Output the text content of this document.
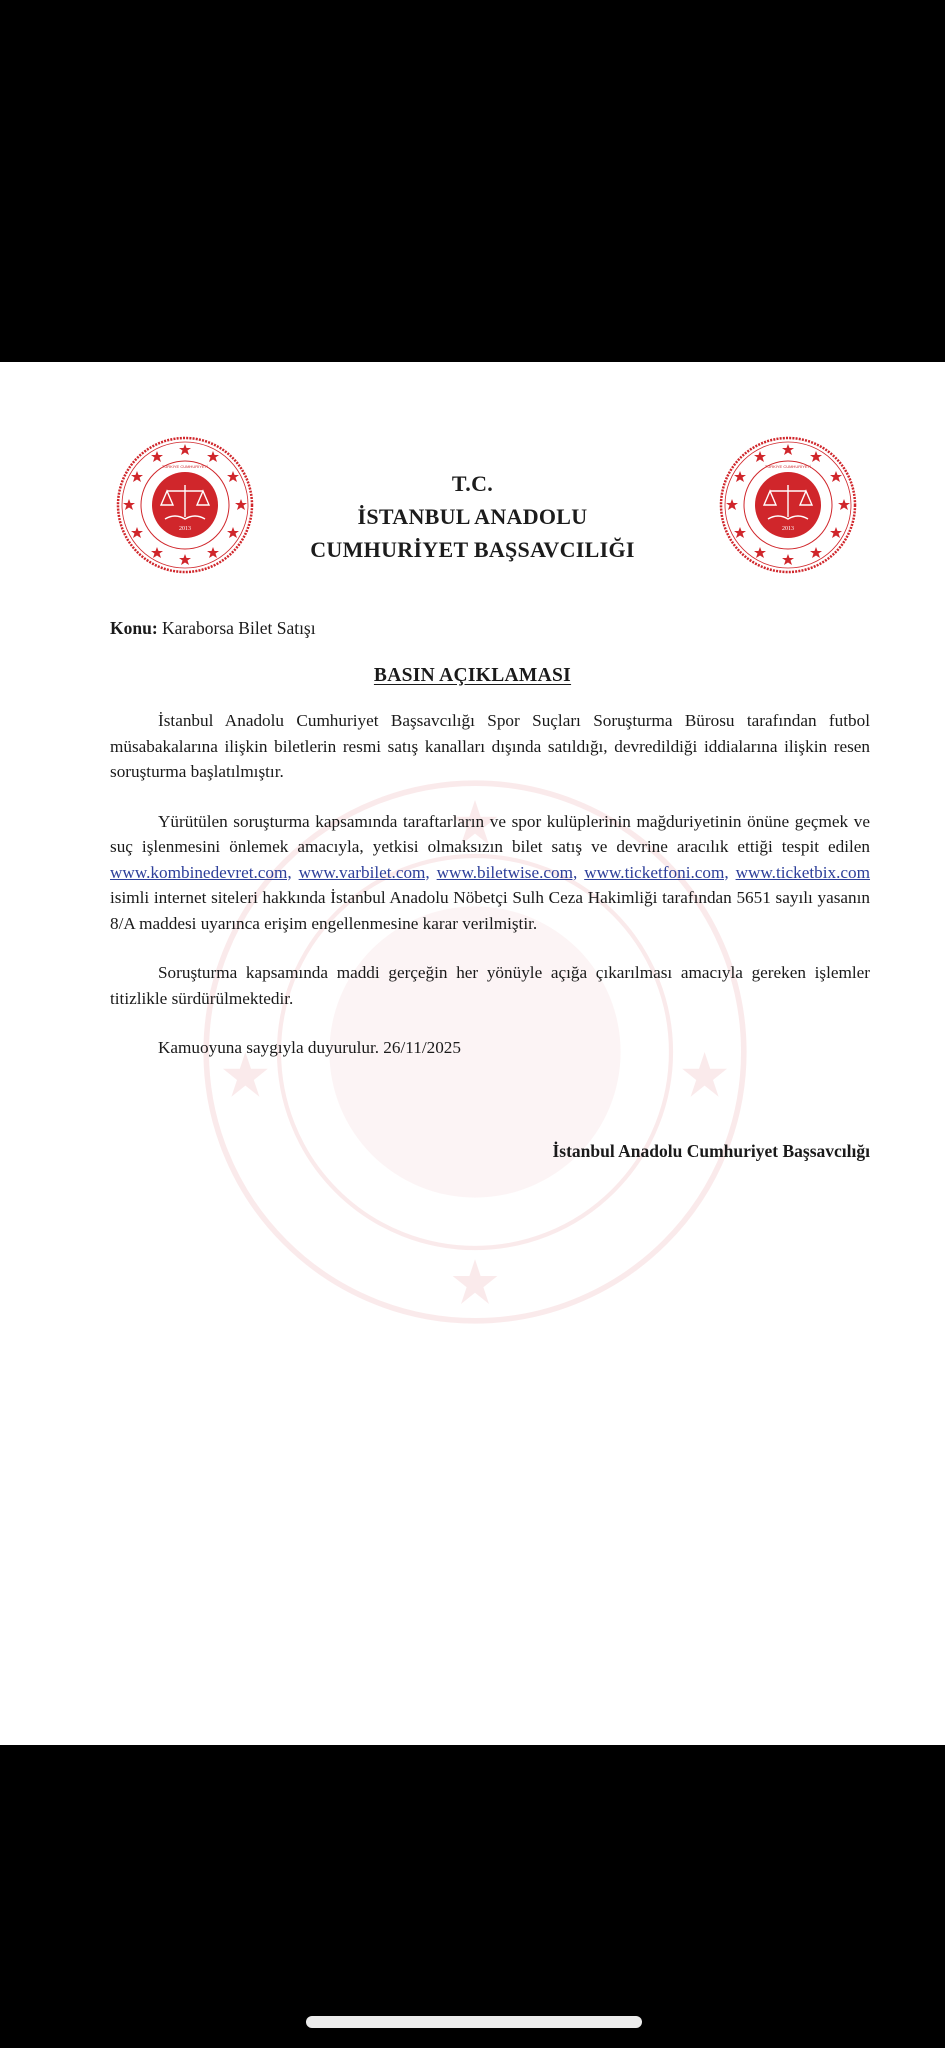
2013
TÜRKİYE CUMHURİYETİ
2013
TÜRKİYE CUMHURİYETİ
T.C.
İSTANBUL ANADOLU
CUMHURİYET BAŞSAVCILIĞI
Konu: Karaborsa Bilet Satışı
BASIN AÇIKLAMASI

İstanbul Anadolu Cumhuriyet Başsavcılığı Spor Suçları Soruşturma Bürosu tarafından futbol müsabakalarına ilişkin biletlerin resmi satış kanalları dışında satıldığı, devredildiği iddialarına ilişkin resen soruşturma başlatılmıştır.

Yürütülen soruşturma kapsamında taraftarların ve spor kulüplerinin mağduriyetinin önüne geçmek ve suç işlenmesini önlemek amacıyla, yetkisi olmaksızın bilet satış ve devrine aracılık ettiği tespit edilen www.kombinedevret.com, www.varbilet.com, www.biletwise.com, www.ticketfoni.com, www.ticketbix.com isimli internet siteleri hakkında İstanbul Anadolu Nöbetçi Sulh Ceza Hakimliği tarafından 5651 sayılı yasanın 8/A maddesi uyarınca erişim engellenmesine karar verilmiştir.

Soruşturma kapsamında maddi gerçeğin her yönüyle açığa çıkarılması amacıyla gereken işlemler titizlikle sürdürülmektedir.

Kamuoyuna saygıyla duyurulur. 26/11/2025

İstanbul Anadolu Cumhuriyet Başsavcılığı
